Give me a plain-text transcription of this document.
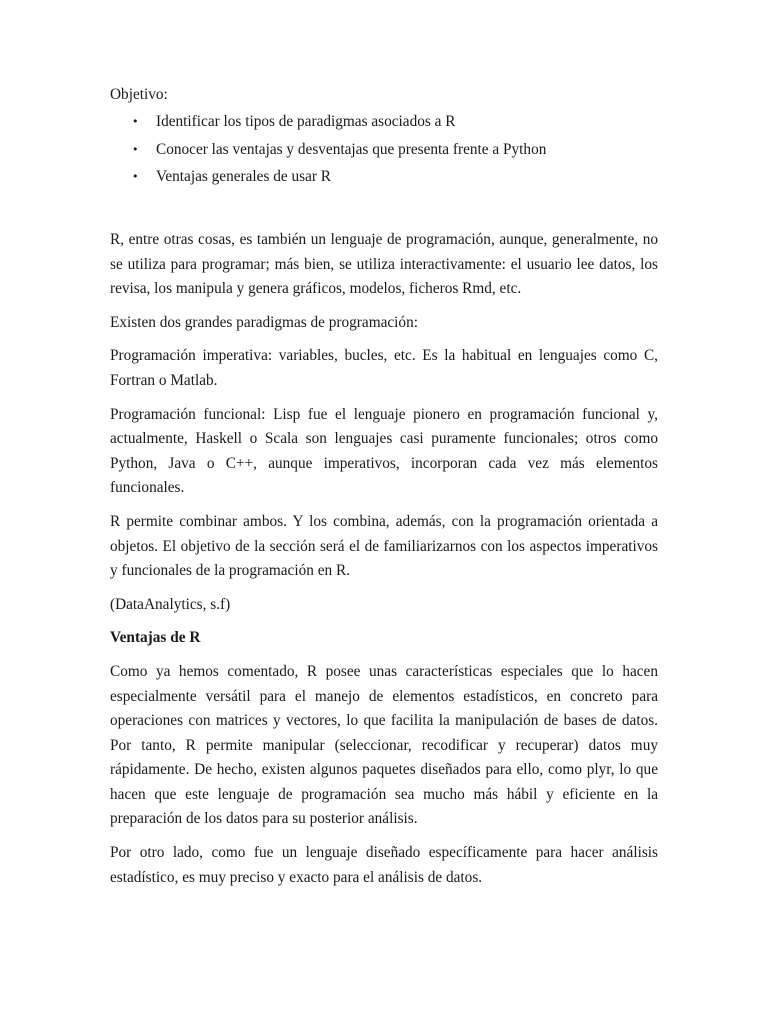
Objetivo:

• Identificar los tipos de paradigmas asociados a R
• Conocer las ventajas y desventajas que presenta frente a Python
• Ventajas generales de usar R

R, entre otras cosas, es también un lenguaje de programación, aunque, generalmente, no se utiliza para programar; más bien, se utiliza interactivamente: el usuario lee datos, los revisa, los manipula y genera gráficos, modelos, ficheros Rmd, etc.

Existen dos grandes paradigmas de programación:

Programación imperativa: variables, bucles, etc. Es la habitual en lenguajes como C, Fortran o Matlab.

Programación funcional: Lisp fue el lenguaje pionero en programación funcional y, actualmente, Haskell o Scala son lenguajes casi puramente funcionales; otros como Python, Java o C++, aunque imperativos, incorporan cada vez más elementos funcionales.

R permite combinar ambos. Y los combina, además, con la programación orientada a objetos. El objetivo de la sección será el de familiarizarnos con los aspectos imperativos y funcionales de la programación en R.

(DataAnalytics, s.f)

Ventajas de R

Como ya hemos comentado, R posee unas características especiales que lo hacen especialmente versátil para el manejo de elementos estadísticos, en concreto para operaciones con matrices y vectores, lo que facilita la manipulación de bases de datos. Por tanto, R permite manipular (seleccionar, recodificar y recuperar) datos muy rápidamente. De hecho, existen algunos paquetes diseñados para ello, como plyr, lo que hacen que este lenguaje de programación sea mucho más hábil y eficiente en la preparación de los datos para su posterior análisis.

Por otro lado, como fue un lenguaje diseñado específicamente para hacer análisis estadístico, es muy preciso y exacto para el análisis de datos.
